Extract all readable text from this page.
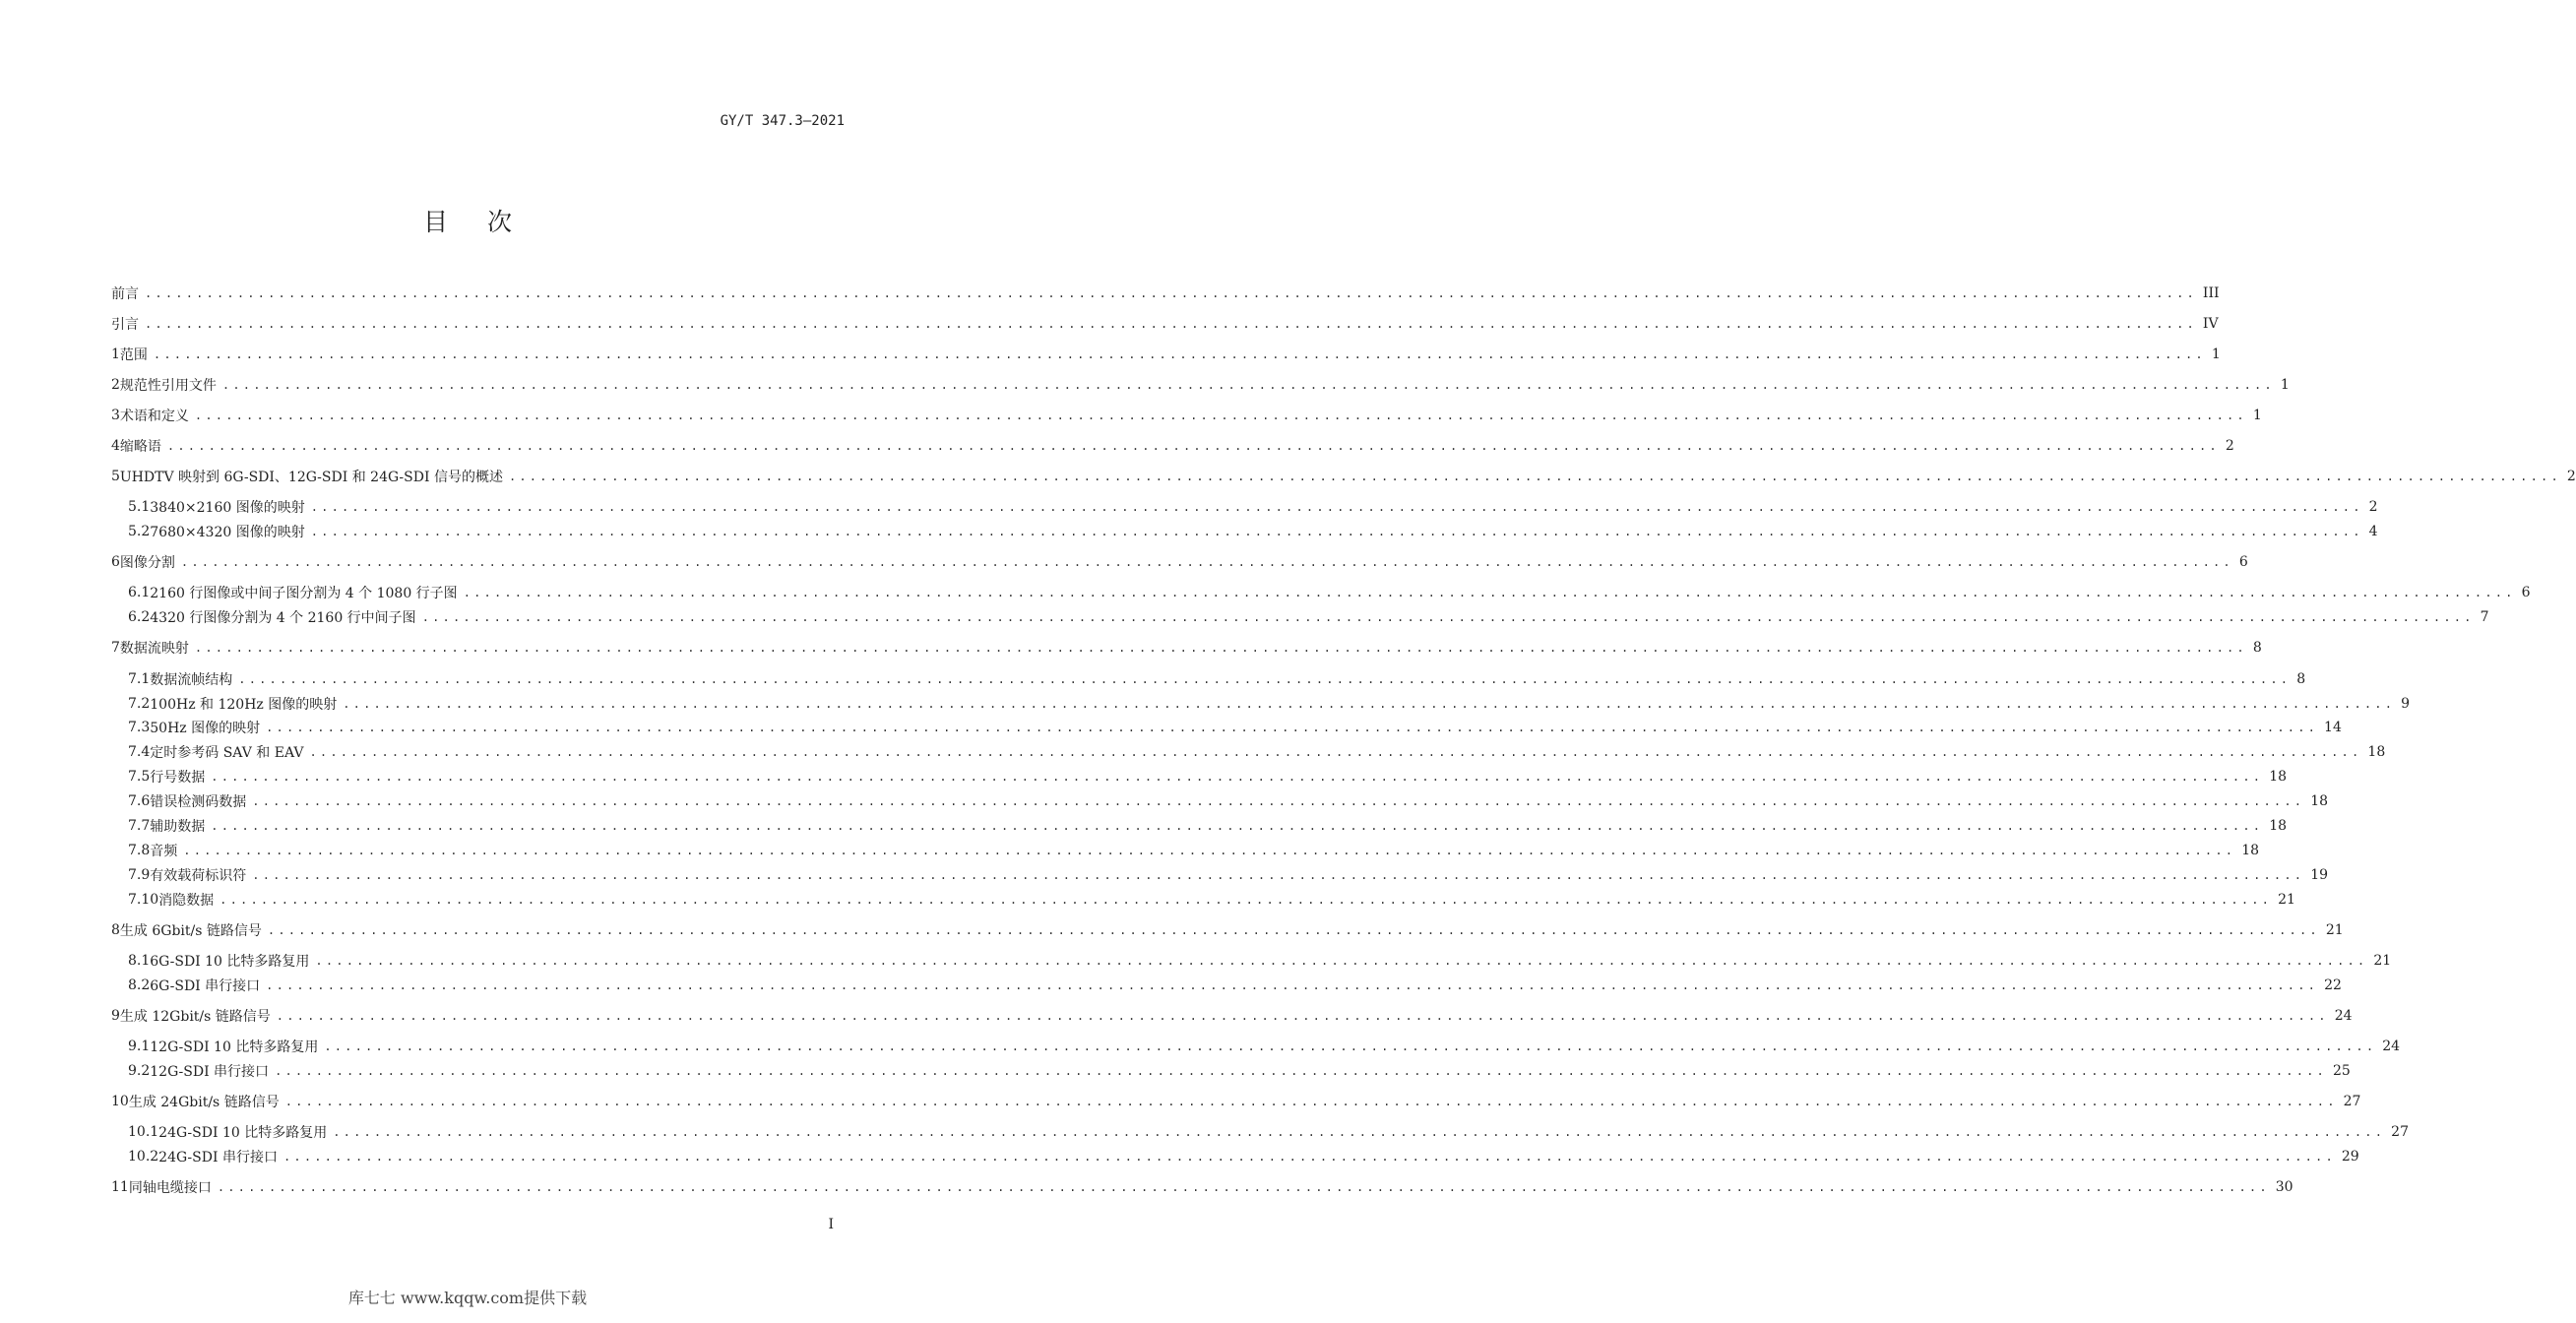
GY/T 347.3—2021
目次
前言 ........................................................................................................................................................................................................ III
引言 ........................................................................................................................................................................................................ IV
1 范围 ........................................................................................................................................................................................................ 1
2 规范性引用文件 ........................................................................................................................................................................................................ 1
3 术语和定义 ........................................................................................................................................................................................................ 1
4 缩略语 ........................................................................................................................................................................................................ 2
5 UHDTV 映射到 6G-SDI、12G-SDI 和 24G-SDI 信号的概述 ........................................................................................................................................................................................................ 2
5.1 3840×2160 图像的映射 ........................................................................................................................................................................................................ 2
5.2 7680×4320 图像的映射 ........................................................................................................................................................................................................ 4
6 图像分割 ........................................................................................................................................................................................................ 6
6.1 2160 行图像或中间子图分割为 4 个 1080 行子图 ........................................................................................................................................................................................................ 6
6.2 4320 行图像分割为 4 个 2160 行中间子图 ........................................................................................................................................................................................................ 7
7 数据流映射 ........................................................................................................................................................................................................ 8
7.1 数据流帧结构 ........................................................................................................................................................................................................ 8
7.2 100Hz 和 120Hz 图像的映射 ........................................................................................................................................................................................................ 9
7.3 50Hz 图像的映射 ........................................................................................................................................................................................................ 14
7.4 定时参考码 SAV 和 EAV ........................................................................................................................................................................................................ 18
7.5 行号数据 ........................................................................................................................................................................................................ 18
7.6 错误检测码数据 ........................................................................................................................................................................................................ 18
7.7 辅助数据 ........................................................................................................................................................................................................ 18
7.8 音频 ........................................................................................................................................................................................................ 18
7.9 有效载荷标识符 ........................................................................................................................................................................................................ 19
7.10 消隐数据 ........................................................................................................................................................................................................ 21
8 生成 6Gbit/s 链路信号 ........................................................................................................................................................................................................ 21
8.1 6G-SDI 10 比特多路复用 ........................................................................................................................................................................................................ 21
8.2 6G-SDI 串行接口 ........................................................................................................................................................................................................ 22
9 生成 12Gbit/s 链路信号 ........................................................................................................................................................................................................ 24
9.1 12G-SDI 10 比特多路复用 ........................................................................................................................................................................................................ 24
9.2 12G-SDI 串行接口 ........................................................................................................................................................................................................ 25
10 生成 24Gbit/s 链路信号 ........................................................................................................................................................................................................ 27
10.1 24G-SDI 10 比特多路复用 ........................................................................................................................................................................................................ 27
10.2 24G-SDI 串行接口 ........................................................................................................................................................................................................ 29
11 同轴电缆接口 ........................................................................................................................................................................................................ 30
I
库七七 www.kqqw.com提供下载
